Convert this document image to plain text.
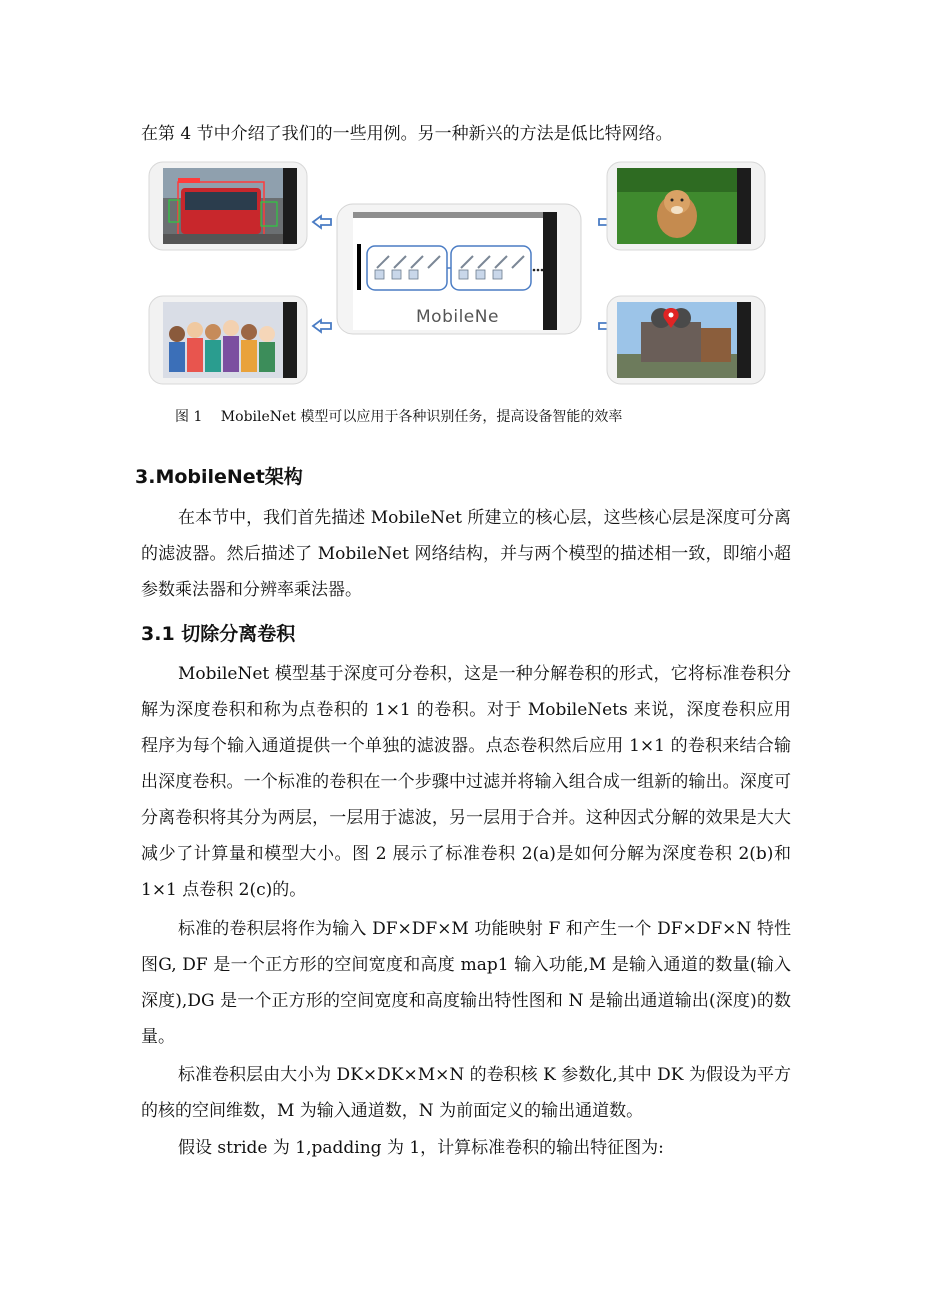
在第 4 节中介绍了我们的一些用例。另一种新兴的方法是低比特网络。

MobileNe

图 1　 MobileNet 模型可以应用于各种识别任务，提高设备智能的效率

3.MobileNet架构

在本节中，我们首先描述 MobileNet 所建立的核心层，这些核心层是深度可分离的滤波器。然后描述了 MobileNet 网络结构，并与两个模型的描述相一致，即缩小超参数乘法器和分辨率乘法器。

3.1 切除分离卷积

MobileNet 模型基于深度可分卷积，这是一种分解卷积的形式，它将标准卷积分解为深度卷积和称为点卷积的 1×1 的卷积。对于 MobileNets 来说，深度卷积应用程序为每个输入通道提供一个单独的滤波器。点态卷积然后应用 1×1 的卷积来结合输出深度卷积。一个标准的卷积在一个步骤中过滤并将输入组合成一组新的输出。深度可分离卷积将其分为两层，一层用于滤波，另一层用于合并。这种因式分解的效果是大大减少了计算量和模型大小。图 2 展示了标准卷积 2(a)是如何分解为深度卷积 2(b)和 1×1 点卷积 2(c)的。

标准的卷积层将作为输入 DF×DF×M 功能映射 F 和产生一个 DF×DF×N 特性图G, DF 是一个正方形的空间宽度和高度 map1 输入功能,M 是输入通道的数量(输入深度),DG 是一个正方形的空间宽度和高度输出特性图和 N 是输出通道输出(深度)的数量。

标准卷积层由大小为 DK×DK×M×N 的卷积核 K 参数化,其中 DK 为假设为平方的核的空间维数，M 为输入通道数，N 为前面定义的输出通道数。

假设 stride 为 1,padding 为 1，计算标准卷积的输出特征图为:
